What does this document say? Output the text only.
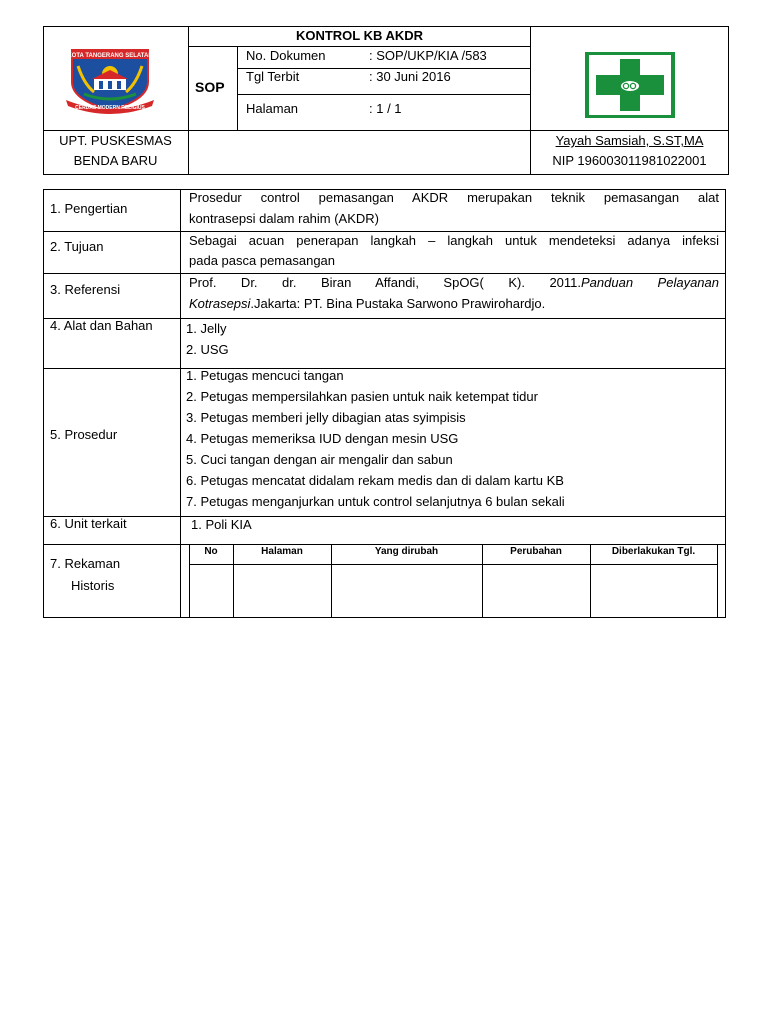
KOTA TANGERANG SELATAN
CERDAS MODERN RELIGIUS
KONTROL KB AKDR
SOP
No. Dokumen	: SOP/UKP/KIA /583
Tgl Terbit	: 30 Juni 2016
Halaman	: 1 / 1
UPT. PUSKESMAS
BENDA BARU
Yayah Samsiah, S.ST,MA
NIP 196003011981022001
1. Pengertian
Prosedur control pemasangan AKDR merupakan teknik pemasangan alat
kontrasepsi dalam rahim (AKDR)
2. Tujuan	Sebagai acuan penerapan langkah – langkah untuk mendeteksi adanya infeksi
pada pasca pemasangan
3. Referensi	Prof. Dr. dr. Biran Affandi, SpOG( K). 2011.Panduan Pelayanan
Kotrasepsi.Jakarta: PT. Bina Pustaka Sarwono Prawirohardjo.
4. Alat dan Bahan	1. Jelly
2. USG
5. Prosedur
1. Petugas mencuci tangan
2. Petugas mempersilahkan pasien untuk naik ketempat tidur
3. Petugas memberi jelly dibagian atas syimpisis
4. Petugas memeriksa IUD dengan mesin USG
5. Cuci tangan dengan air mengalir dan sabun
6. Petugas mencatat didalam rekam medis dan di dalam kartu KB
7. Petugas menganjurkan untuk control selanjutnya 6 bulan sekali
6. Unit terkait	1. Poli KIA
7. Rekaman
Historis
No	Halaman	Yang dirubah	Perubahan	Diberlakukan Tgl.
